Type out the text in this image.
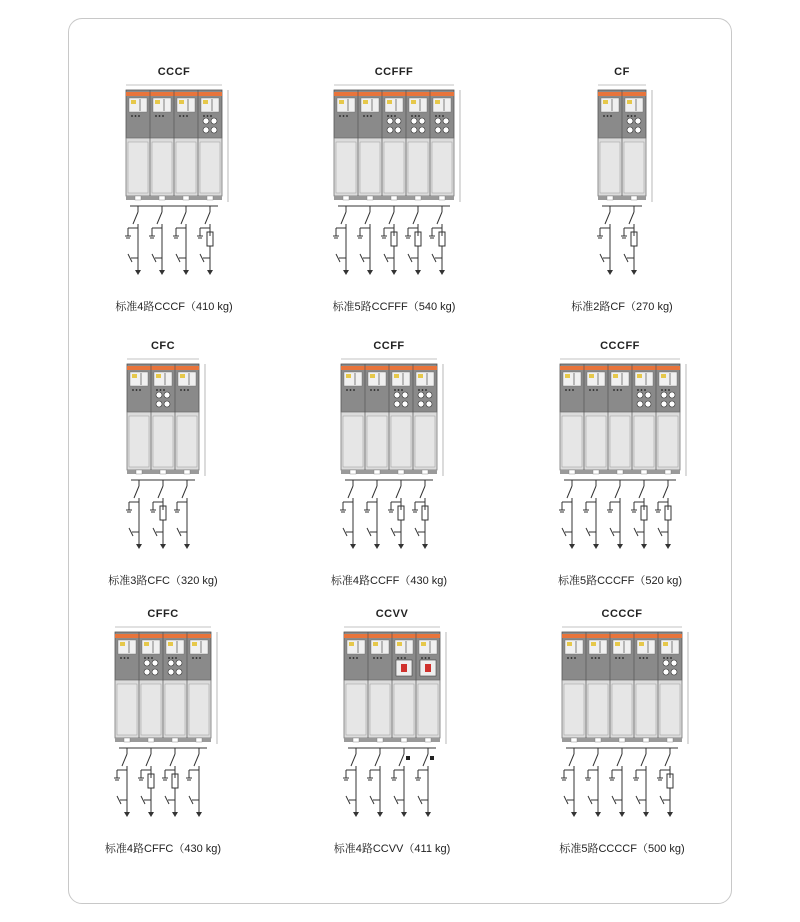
CCCF
标准4路CCCF（410 kg)
CCFFF
标准5路CCFFF（540 kg)
CF
标准2路CF（270 kg)
CFC
标准3路CFC（320 kg)
CCFF
标准4路CCFF（430 kg)
CCCFF
标准5路CCCFF（520 kg)
CFFC
标准4路CFFC（430 kg)
CCVV
标准4路CCVV（411 kg)
CCCCF
标准5路CCCCF（500 kg)
